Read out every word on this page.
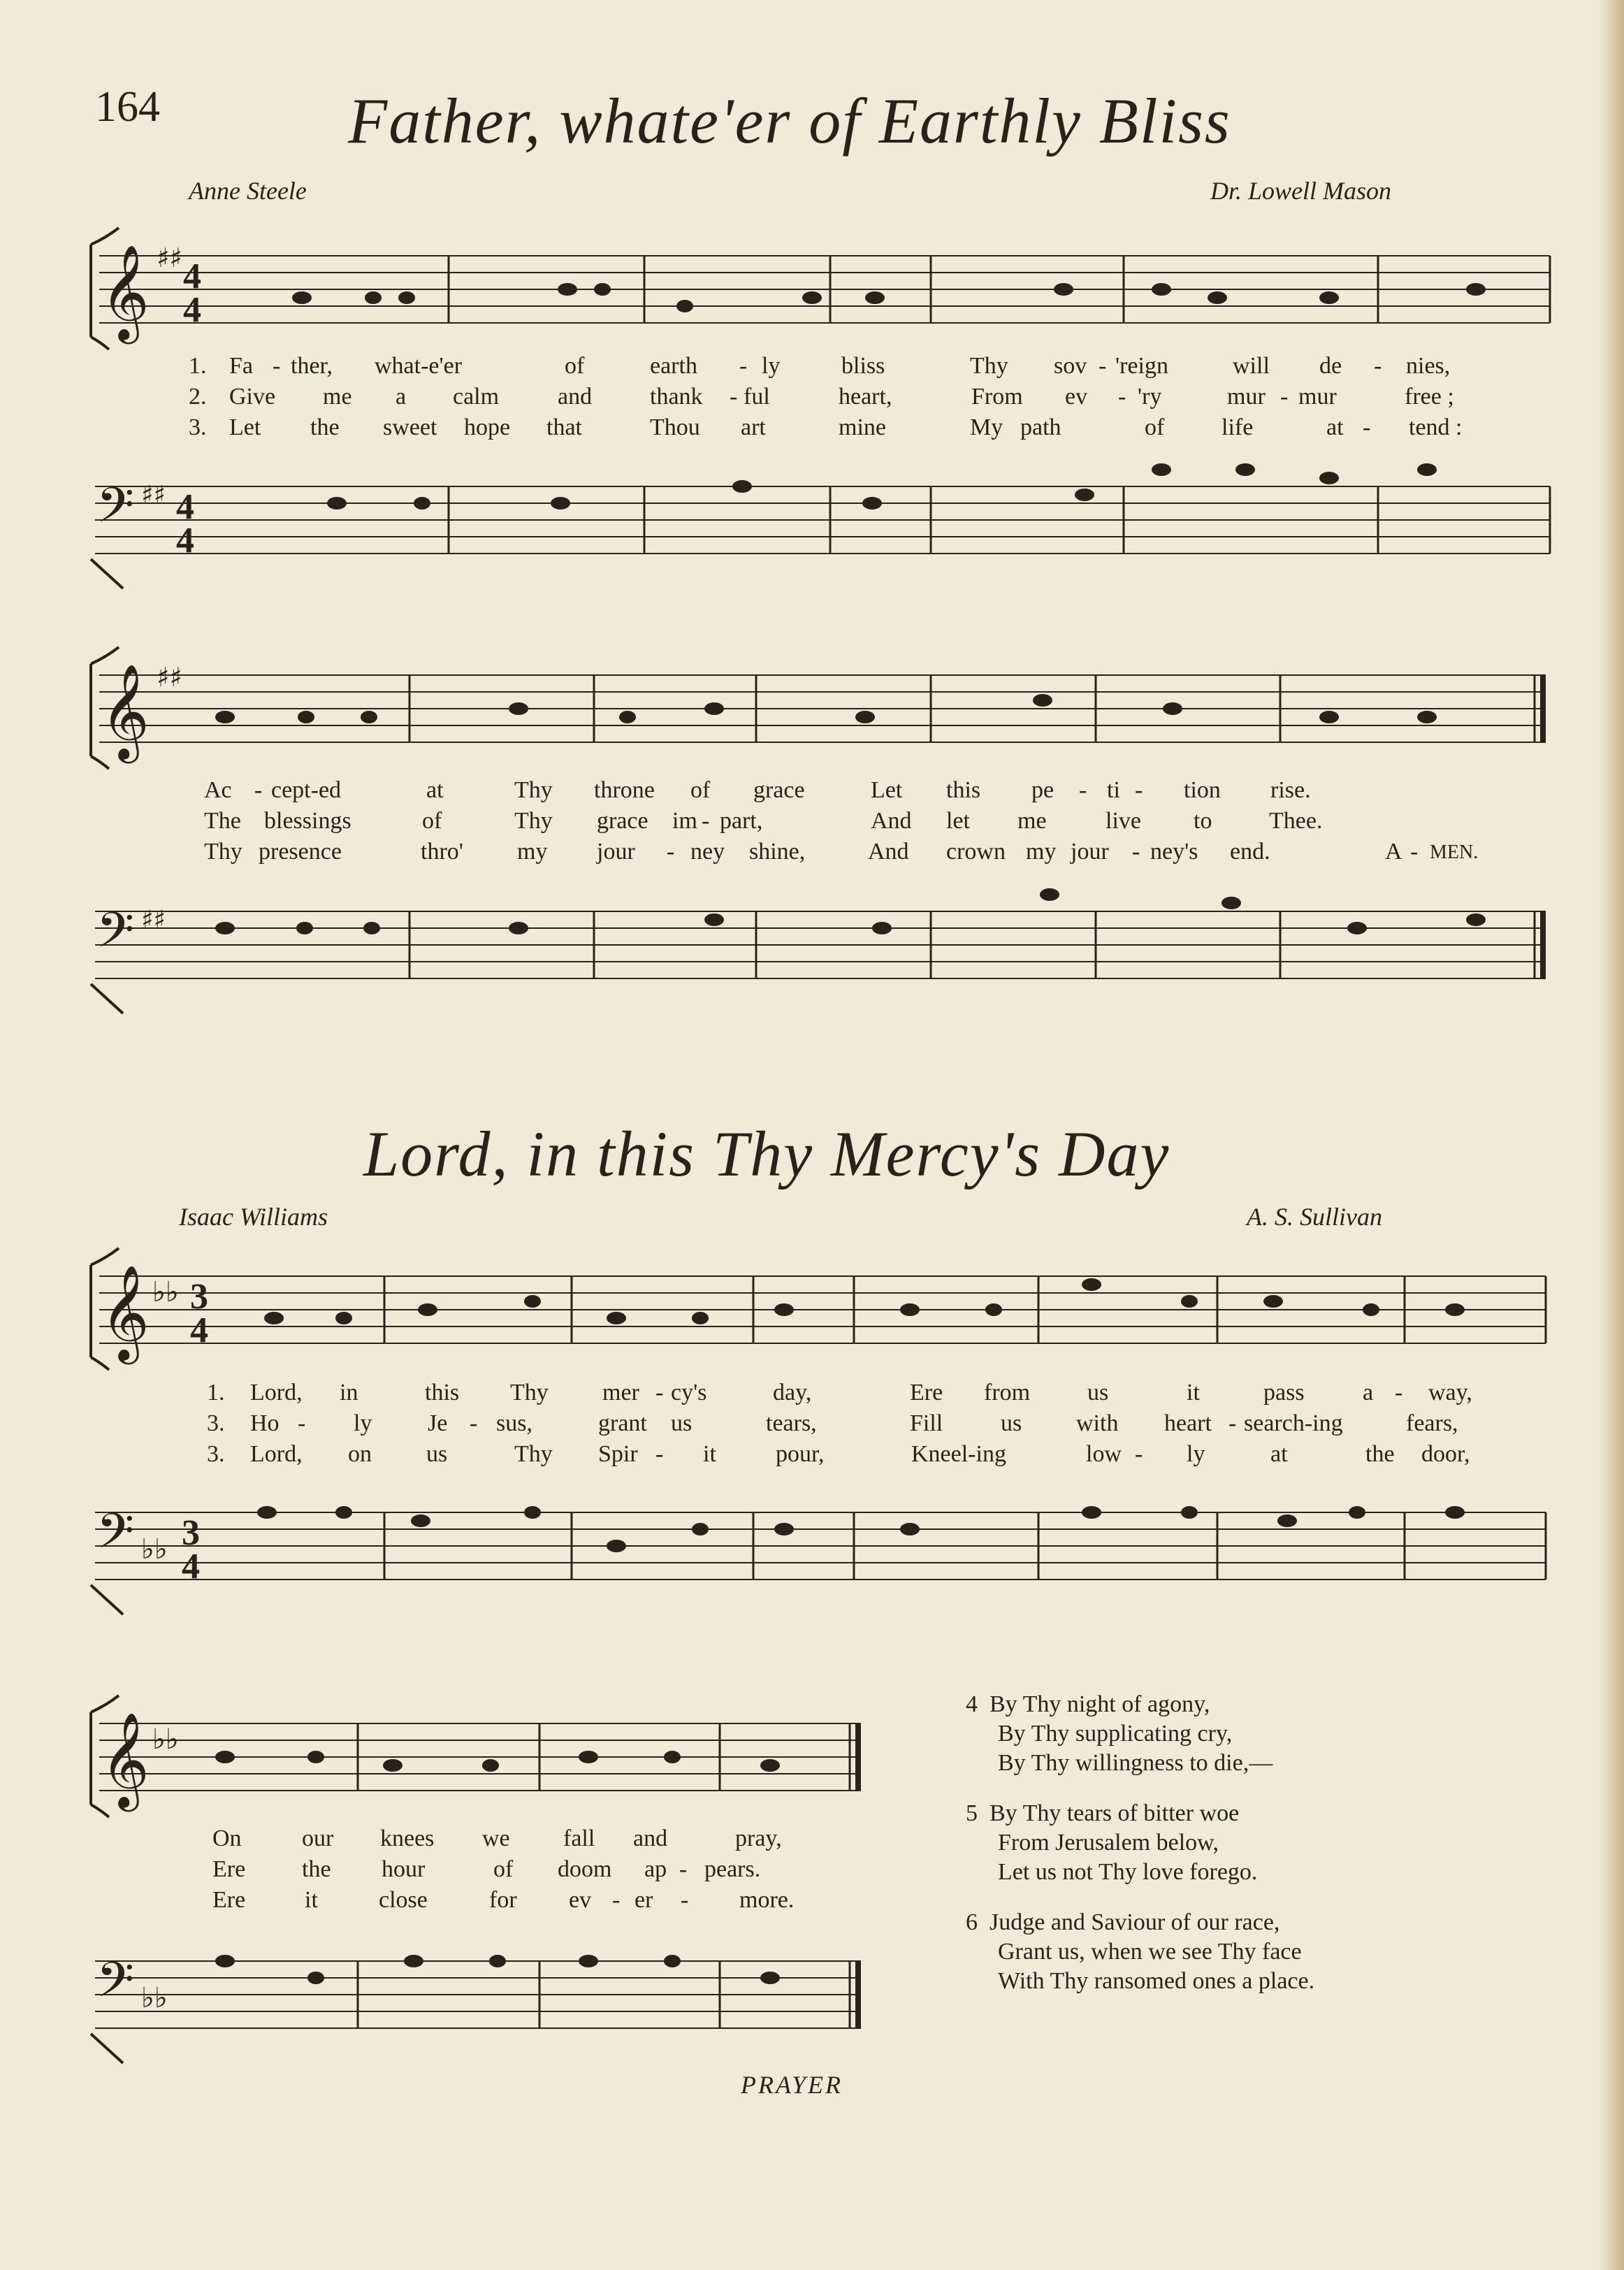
164	Father, whate'er of Earthly Bliss
Anne Steele	Dr. Lowell Mason
𝄞 ♯♯ 4
4
1. Fa - ther, what-e'er	of	earth - ly	bliss	Thy sov - 'reign	will de - nies,
2. Give me a calm and thank - ful	heart,	From ev - 'ry	mur - mur	free ;
3. Let the sweet hope that	Thou art	mine	My path	of life	at - tend :
𝄢 ♯♯ 4
4
𝄞 ♯♯
Ac - cept-ed	at	Thy throne of grace	Let this pe - ti - tion rise.
The blessings	of	Thy grace im - part,	And let me live to Thee.
Thy presence	thro' my jour - ney shine,	And crown my jour - ney's end.	A - MEN.
𝄢 ♯♯
Lord, in this Thy Mercy's Day
Isaac Williams	A. S. Sullivan
𝄞 ♭♭ 3
4
1. Lord, in	this Thy mer - cy's	day,	Ere from us	it	pass a - way,
3. Ho - ly Je - sus,	grant us	tears,	Fill us with heart - search-ing	fears,
3. Lord, on us	Thy Spir - it	pour,	Kneel-ing	low - ly	at	the door,
𝄢 ♭♭ 3
4
𝄞 ♭♭
On	our knees we fall and	pray,
Ere the hour	of doom ap - pears.
Ere it	close	for ev - er - more.
𝄢 ♭♭
4 By Thy night of agony,
By Thy supplicating cry,
By Thy willingness to die,—
5 By Thy tears of bitter woe
From Jerusalem below,
Let us not Thy love forego.
6 Judge and Saviour of our race,
Grant us, when we see Thy face
With Thy ransomed ones a place.
PRAYER
